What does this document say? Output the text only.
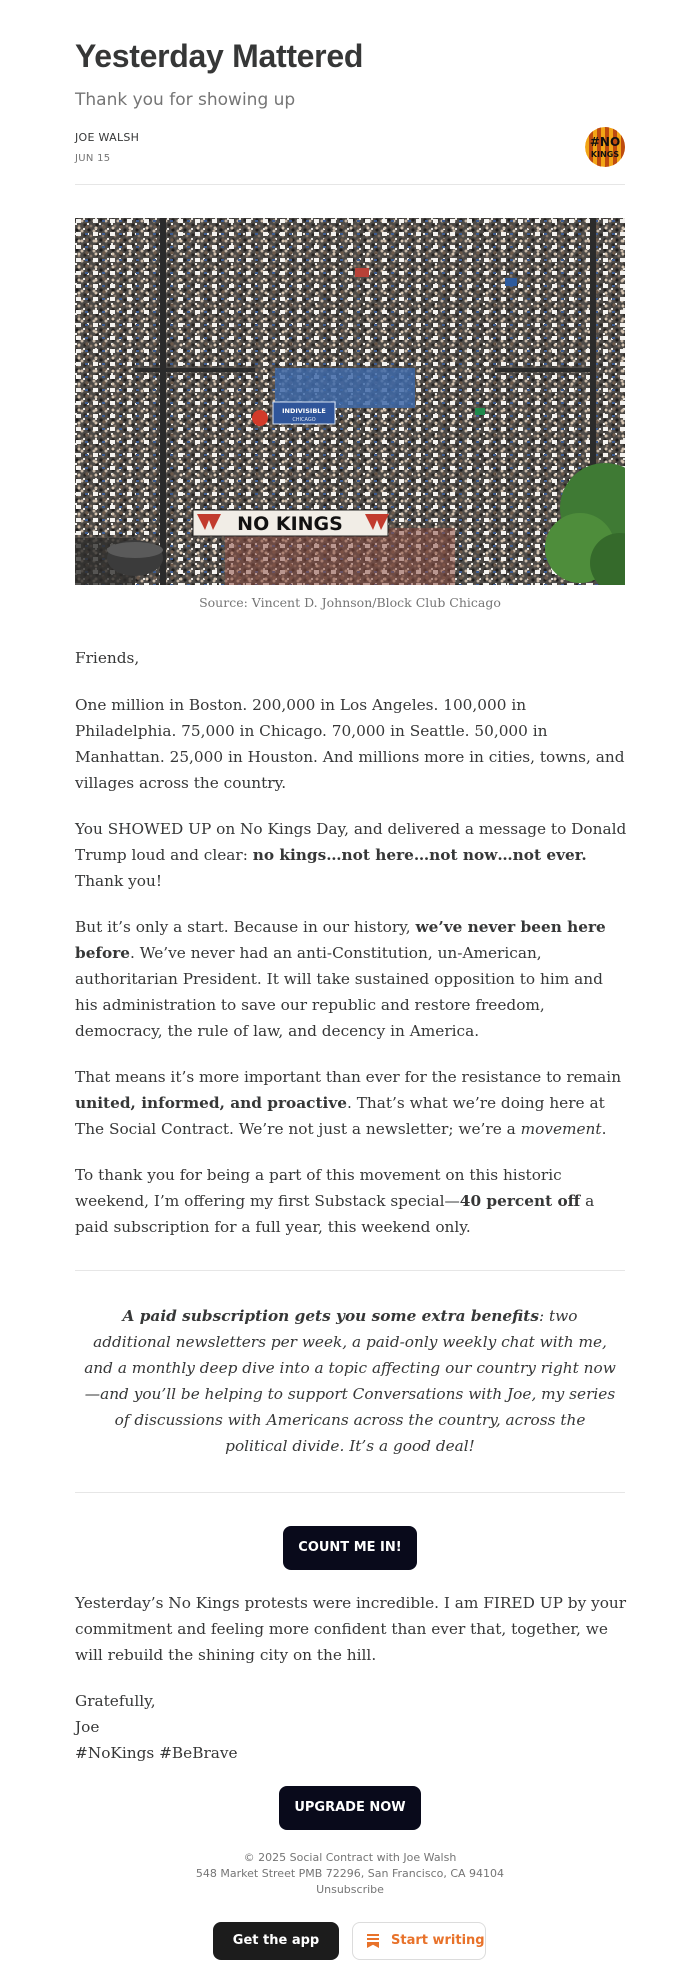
Yesterday Mattered
Thank you for showing up
JOE WALSH
JUN 15
#NO
KINGS
INDIVISIBLE
CHICAGO
NO KINGS
Source: Vincent D. Johnson/Block Club Chicago

Friends,

One million in Boston. 200,000 in Los Angeles. 100,000 in Philadelphia. 75,000 in Chicago. 70,000 in Seattle. 50,000 in Manhattan. 25,000 in Houston. And millions more in cities, towns, and villages across the country.

You SHOWED UP on No Kings Day, and delivered a message to Donald Trump loud and clear: no kings…not here…not now…not ever. Thank you!

But it’s only a start. Because in our history, we’ve never been here before. We’ve never had an anti-Constitution, un-American, authoritarian President. It will take sustained opposition to him and his administration to save our republic and restore freedom, democracy, the rule of law, and decency in America.

That means it’s more important than ever for the resistance to remain united, informed, and proactive. That’s what we’re doing here at The Social Contract. We’re not just a newsletter; we’re a movement.

To thank you for being a part of this movement on this historic weekend, I’m offering my first Substack special—40 percent off a paid subscription for a full year, this weekend only.

A paid subscription gets you some extra benefits: two additional newsletters per week, a paid-only weekly chat with me, and a monthly deep dive into a topic affecting our country right now—and you’ll be helping to support Conversations with Joe, my series of discussions with Americans across the country, across the political divide. It’s a good deal!
COUNT ME IN!

Yesterday’s No Kings protests were incredible. I am FIRED UP by your commitment and feeling more confident than ever that, together, we will rebuild the shining city on the hill.

Gratefully,

Joe

#NoKings #BeBrave

UPGRADE NOW
© 2025 Social Contract with Joe Walsh
548 Market Street PMB 72296, San Francisco, CA 94104
Unsubscribe
Get the app	Start writing
